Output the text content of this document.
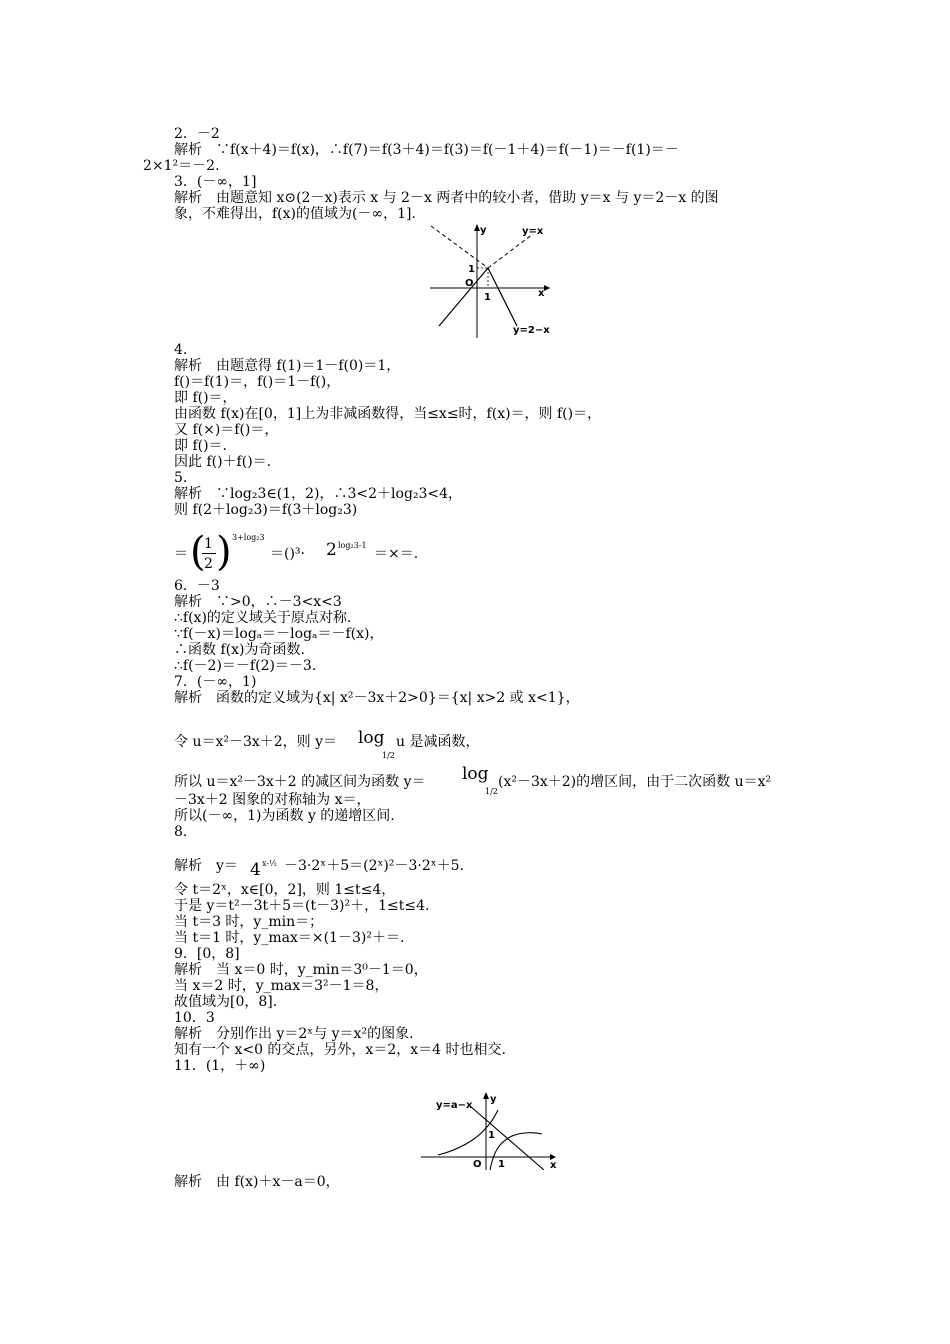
2．－2
解析　∵f(x＋4)＝f(x)，∴f(7)＝f(3＋4)＝f(3)＝f(－1＋4)＝f(－1)＝－f(1)＝－
2×1²＝－2.
3．(－∞，1]
解析　由题意知 x⊙(2－x)表示 x 与 2－x 两者中的较小者，借助 y＝x 与 y＝2－x 的图
象，不难得出，f(x)的值域为(－∞，1].
4.
解析　由题意得 f(1)＝1－f(0)＝1，
f()＝f(1)＝，f()＝1－f()，
即 f()＝，
由函数 f(x)在[0，1]上为非减函数得，当≤x≤时，f(x)＝，则 f()＝，
又 f(×)＝f()＝，
即 f()＝.
因此 f()＋f()＝.
5.
解析　∵log₂3∈(1，2)，∴3<2＋log₂3<4，
则 f(2＋log₂3)＝f(3＋log₂3)
6．－3
解析　∵>0，∴－3<x<3
∴f(x)的定义域关于原点对称.
∵f(－x)＝logₐ＝－logₐ＝－f(x)，
∴函数 f(x)为奇函数.
∴f(－2)＝－f(2)＝－3.
7．(－∞，1)
解析　函数的定义域为{x| x²－3x＋2>0}＝{x| x>2 或 x<1}，
－3x＋2 图象的对称轴为 x＝，
所以(－∞，1)为函数 y 的递增区间.
8.
令 t＝2ˣ，x∈[0，2]，则 1≤t≤4，
于是 y＝t²－3t＋5＝(t－3)²＋，1≤t≤4.
当 t＝3 时，y_min＝；
当 t＝1 时，y_max＝×(1－3)²＋＝.
9．[0，8]
解析　当 x＝0 时，y_min＝3⁰－1＝0，
当 x＝2 时，y_max＝3²－1＝8，
故值域为[0，8].
10．3
解析　分别作出 y＝2ˣ与 y＝x²的图象.
知有一个 x<0 的交点，另外，x＝2，x＝4 时也相交.
11．(1，＋∞)
解析　由 f(x)＋x－a＝0，
y
x
O
1
1
y=x
y=2−x
＝ (
1
2 ) 3+log₂3
＝()³· 2 log₂3-1
＝×＝.
令 u＝x²－3x＋2，则 y＝ log
1/2
u 是减函数，
所以 u＝x²－3x＋2 的减区间为函数 y＝ log
1/2
(x²－3x＋2)的增区间，由于二次函数 u＝x²
解析　y＝ 4 x-½ －3·2ˣ＋5＝(2ˣ)²－3·2ˣ＋5.
y
x
O
1
1
y=a−x
